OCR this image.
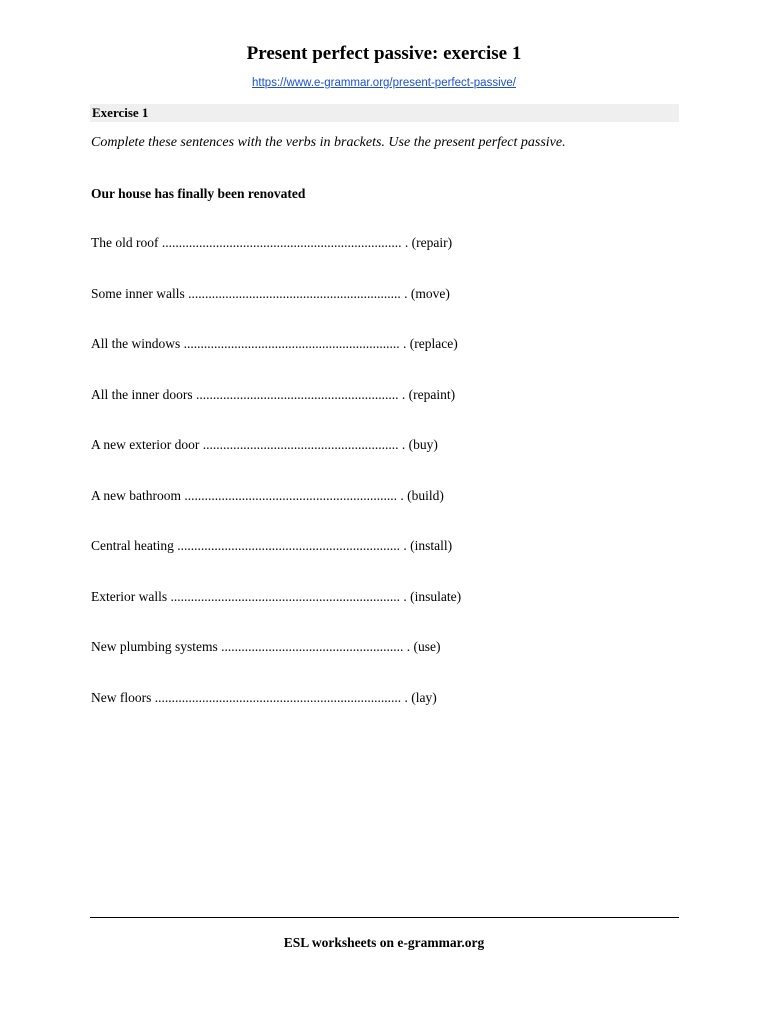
Present perfect passive: exercise 1
https://www.e-grammar.org/present-perfect-passive/
Exercise 1
Complete these sentences with the verbs in brackets. Use the present perfect passive.
Our house has finally been renovated
The old roof ....................................................................... . (repair)
Some inner walls ............................................................... . (move)
All the windows ................................................................ . (replace)
All the inner doors ............................................................ . (repaint)
A new exterior door .......................................................... . (buy)
A new bathroom ............................................................... . (build)
Central heating .................................................................. . (install)
Exterior walls .................................................................... . (insulate)
New plumbing systems ...................................................... . (use)
New floors ......................................................................... . (lay)
ESL worksheets on e-grammar.org
